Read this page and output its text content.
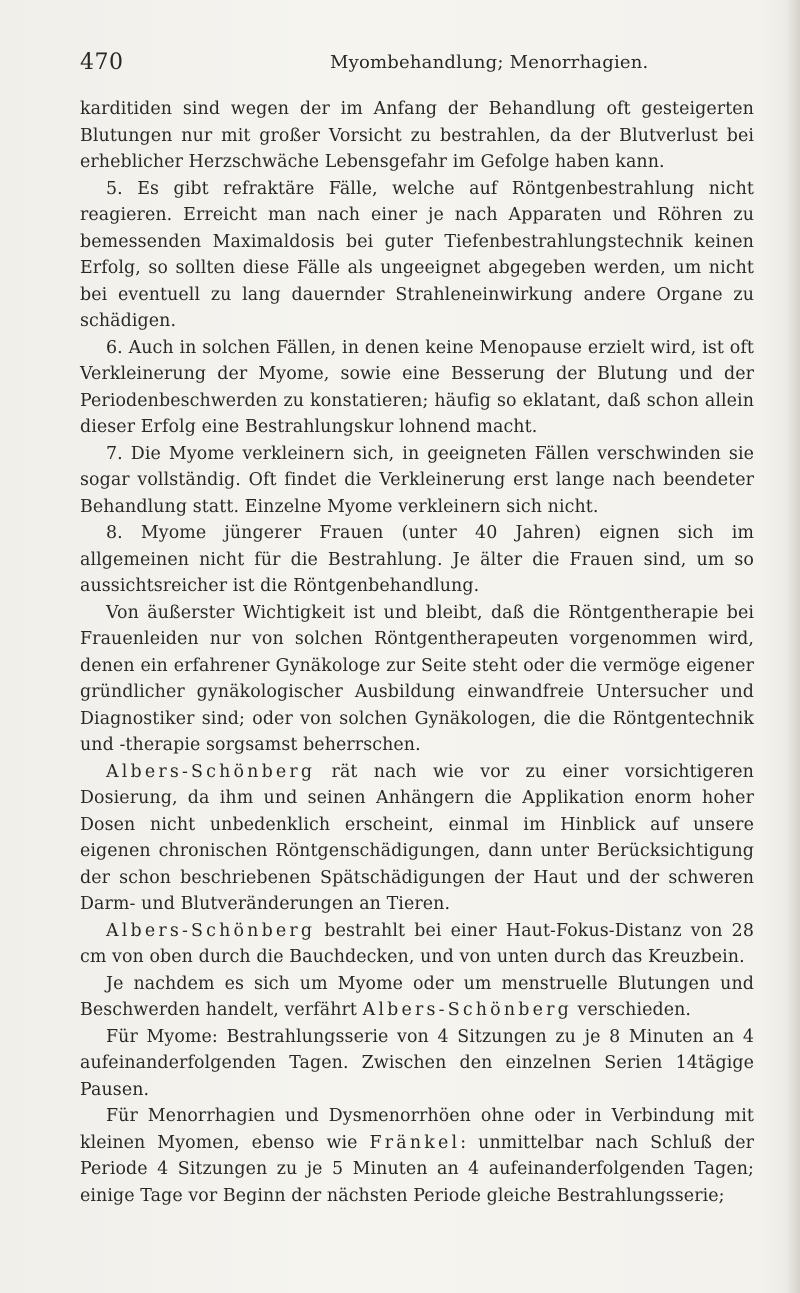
470	Myombehandlung; Menorrhagien.

karditiden sind wegen der im Anfang der Behandlung oft gesteigerten Blutungen nur mit großer Vorsicht zu bestrahlen, da der Blutverlust bei erheblicher Herzschwäche Lebensgefahr im Gefolge haben kann.

5. Es gibt refraktäre Fälle, welche auf Röntgenbestrahlung nicht reagieren. Erreicht man nach einer je nach Apparaten und Röhren zu bemessenden Maximaldosis bei guter Tiefenbestrahlungstechnik keinen Erfolg, so sollten diese Fälle als ungeeignet abgegeben werden, um nicht bei eventuell zu lang dauernder Strahleneinwirkung andere Organe zu schädigen.

6. Auch in solchen Fällen, in denen keine Menopause erzielt wird, ist oft Verkleinerung der Myome, sowie eine Besserung der Blutung und der Periodenbeschwerden zu konstatieren; häufig so eklatant, daß schon allein dieser Erfolg eine Bestrahlungskur lohnend macht.

7. Die Myome verkleinern sich, in geeigneten Fällen verschwinden sie sogar vollständig. Oft findet die Verkleinerung erst lange nach beendeter Behandlung statt. Einzelne Myome verkleinern sich nicht.

8. Myome jüngerer Frauen (unter 40 Jahren) eignen sich im allgemeinen nicht für die Bestrahlung. Je älter die Frauen sind, um so aussichtsreicher ist die Röntgenbehandlung.

Von äußerster Wichtigkeit ist und bleibt, daß die Röntgentherapie bei Frauenleiden nur von solchen Röntgentherapeuten vorgenommen wird, denen ein erfahrener Gynäkologe zur Seite steht oder die vermöge eigener gründlicher gynäkologischer Ausbildung einwandfreie Untersucher und Diagnostiker sind; oder von solchen Gynäkologen, die die Röntgentechnik und -therapie sorgsamst beherrschen.

Albers-Schönberg rät nach wie vor zu einer vorsichtigeren Dosierung, da ihm und seinen Anhängern die Applikation enorm hoher Dosen nicht unbedenklich erscheint, einmal im Hinblick auf unsere eigenen chronischen Röntgenschädigungen, dann unter Berücksichtigung der schon beschriebenen Spätschädigungen der Haut und der schweren Darm- und Blutveränderungen an Tieren.

Albers-Schönberg bestrahlt bei einer Haut-Fokus-Distanz von 28 cm von oben durch die Bauchdecken, und von unten durch das Kreuzbein.

Je nachdem es sich um Myome oder um menstruelle Blutungen und Beschwerden handelt, verfährt Albers-Schönberg verschieden.

Für Myome: Bestrahlungsserie von 4 Sitzungen zu je 8 Minuten an 4 aufeinanderfolgenden Tagen. Zwischen den einzelnen Serien 14tägige Pausen.

Für Menorrhagien und Dysmenorrhöen ohne oder in Verbindung mit kleinen Myomen, ebenso wie Fränkel: unmittelbar nach Schluß der Periode 4 Sitzungen zu je 5 Minuten an 4 aufeinanderfolgenden Tagen; einige Tage vor Beginn der nächsten Periode gleiche Bestrahlungsserie;
